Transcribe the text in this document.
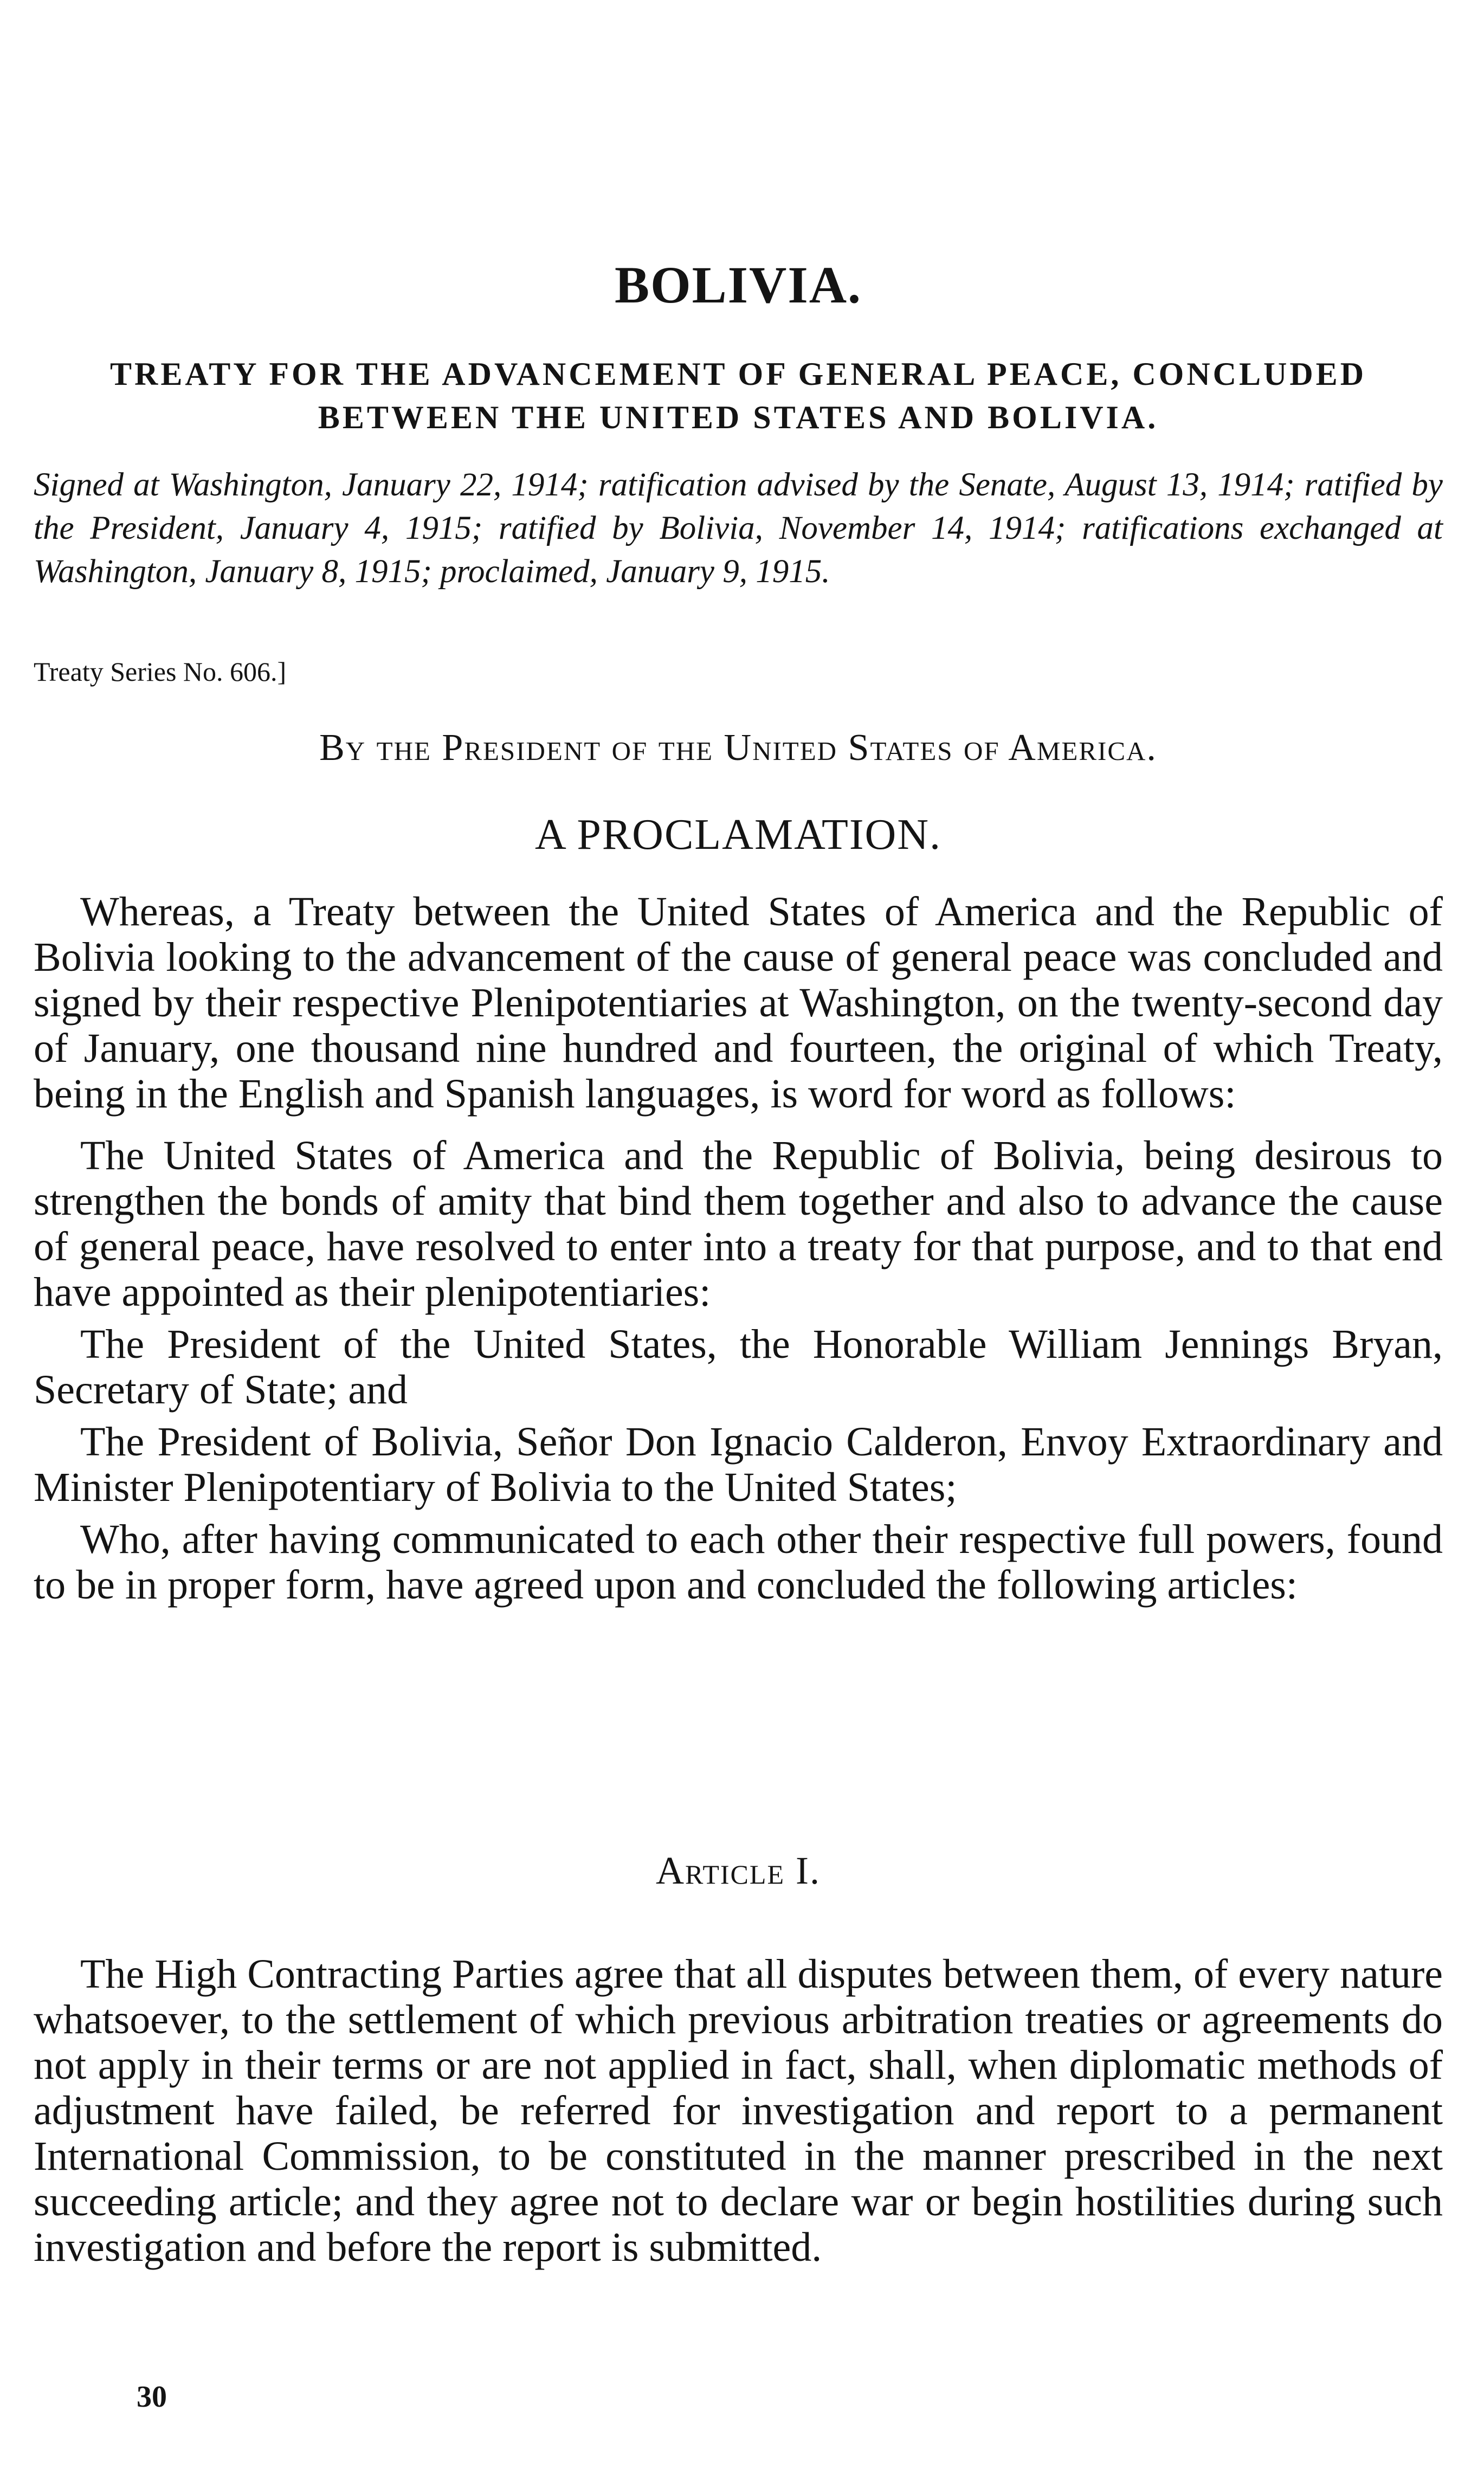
BOLIVIA.
TREATY FOR THE ADVANCEMENT OF GENERAL PEACE, CONCLUDED BETWEEN THE UNITED STATES AND BOLIVIA.

Signed at Washington, January 22, 1914; ratification advised by the Senate, August 13, 1914; ratified by the President, January 4, 1915; ratified by Bolivia, November 14, 1914; ratifications exchanged at Washington, January 8, 1915; proclaimed, January 9, 1915.

Treaty Series No. 606.]

By the President of the United States of America.

A PROCLAMATION.

Whereas, a Treaty between the United States of America and the Republic of Bolivia looking to the advancement of the cause of general peace was concluded and signed by their respective Plenipotentiaries at Washington, on the twenty-second day of January, one thousand nine hundred and fourteen, the original of which Treaty, being in the English and Spanish languages, is word for word as follows:

The United States of America and the Republic of Bolivia, being desirous to strengthen the bonds of amity that bind them together and also to advance the cause of general peace, have resolved to enter into a treaty for that purpose, and to that end have appointed as their plenipotentiaries:

The President of the United States, the Honorable William Jennings Bryan, Secretary of State; and

The President of Bolivia, Señor Don Ignacio Calderon, Envoy Extraordinary and Minister Plenipotentiary of Bolivia to the United States;

Who, after having communicated to each other their respective full powers, found to be in proper form, have agreed upon and concluded the following articles:

Article I.

The High Contracting Parties agree that all disputes between them, of every nature whatsoever, to the settlement of which previous arbitration treaties or agreements do not apply in their terms or are not applied in fact, shall, when diplomatic methods of adjustment have failed, be referred for investigation and report to a permanent International Commission, to be constituted in the manner prescribed in the next succeeding article; and they agree not to declare war or begin hostilities during such investigation and before the report is submitted.

30
